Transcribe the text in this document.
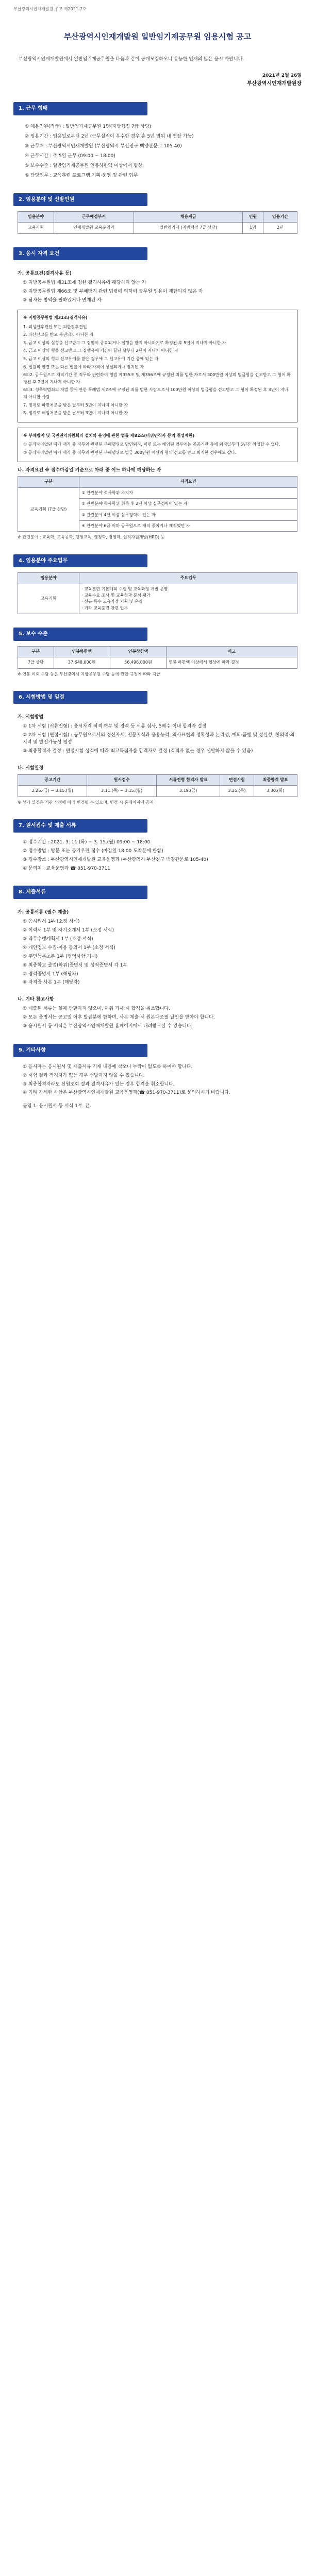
부산광역시인재개발원 공고 제2021-7호
부산광역시인재개발원 일반임기제공무원 임용시험 공고
부산광역시인재개발원에서 일반임기제공무원을 다음과 같이 공개모집하오니 유능한 인재의 많은 응시 바랍니다.
2021년 2월 26일
부산광역시인재개발원장
1. 근무 형태
① 채용인원(직급) : 일반임기제공무원 1명(지방행정 7급 상당)
② 임용기간 : 임용일로부터 2년 (근무실적이 우수한 경우 총 5년 범위 내 연장 가능)
③ 근무처 : 부산광역시인재개발원 (부산광역시 부산진구 백양관문로 105-40)
④ 근무시간 : 주 5일 근무 (09:00 ~ 18:00)
⑤ 보수수준 : 일반임기제공무원 연봉하한액 이상에서 협상
⑥ 담당업무 : 교육훈련 프로그램 기획·운영 및 관련 업무
2. 임용분야 및 선발인원
임용분야	근무예정부서	채용계급	인원	임용기간
교육기획	인재개발원 교육운영과	일반임기제 (지방행정 7급 상당)	1명	2년
3. 응시 자격 요건
가. 공통요건(결격사유 등)
① 지방공무원법 제31조에 정한 결격사유에 해당하지 않는 자
② 지방공무원법 제66조 및 부패방지 관련 법령에 의하여 공무원 임용이 제한되지 않은 자
③ 남자는 병역을 필하였거나 면제된 자
※ 지방공무원법 제31조(결격사유)

1. 피성년후견인 또는 피한정후견인

2. 파산선고를 받고 복권되지 아니한 자

3. 금고 이상의 실형을 선고받고 그 집행이 종료되거나 집행을 받지 아니하기로 확정된 후 5년이 지나지 아니한 자

4. 금고 이상의 형을 선고받고 그 집행유예 기간이 끝난 날부터 2년이 지나지 아니한 자

5. 금고 이상의 형의 선고유예를 받은 경우에 그 선고유예 기간 중에 있는 자

6. 법원의 판결 또는 다른 법률에 따라 자격이 상실되거나 정지된 자

6의2. 공무원으로 재직기간 중 직무와 관련하여 형법 제355조 및 제356조에 규정된 죄를 범한 자로서 300만원 이상의 벌금형을 선고받고 그 형이 확정된 후 2년이 지나지 아니한 자

6의3. 성폭력범죄의 처벌 등에 관한 특례법 제2조에 규정된 죄를 범한 사람으로서 100만원 이상의 벌금형을 선고받고 그 형이 확정된 후 3년이 지나지 아니한 사람

7. 징계로 파면처분을 받은 날부터 5년이 지나지 아니한 자

8. 징계로 해임처분을 받은 날부터 3년이 지나지 아니한 자

※ 부패방지 및 국민권익위원회의 설치와 운영에 관한 법률 제82조(비위면직자 등의 취업제한)

① 공직자이었던 자가 재직 중 직무와 관련된 부패행위로 당연퇴직, 파면 또는 해임된 경우에는 공공기관 등에 퇴직일부터 5년간 취업할 수 없다.

② 공직자이었던 자가 재직 중 직무와 관련된 부패행위로 벌금 300만원 이상의 형의 선고를 받고 퇴직한 경우에도 같다.

나. 자격요건 ※ 접수마감일 기준으로 아래 중 어느 하나에 해당하는 자
구분	자격요건
교육기획 (7급 상당)	① 관련분야 석사학위 소지자
	② 관련분야 학사학위 취득 후 2년 이상 실무경력이 있는 자
	③ 관련분야 4년 이상 실무경력이 있는 자
	④ 관련분야 6급 이하 공무원으로 재직 중이거나 재직했던 자
※ 관련분야 : 교육학, 교육공학, 평생교육, 행정학, 경영학, 인적자원개발(HRD) 등
4. 임용분야 주요업무
임용분야	주요업무
교육기획	· 교육훈련 기본계획 수립 및 교육과정 개발·운영
· 교육수요 조사 및 교육성과 분석·평가
· 신규·특수 교육과정 기획 및 운영
· 기타 교육훈련 관련 업무
5. 보수 수준
구분	연봉하한액	연봉상한액	비고
7급 상당	37,648,000원	56,496,000원	연봉 하한액 이상에서 협상에 따라 결정
※ 연봉 이외 수당 등은 부산광역시 지방공무원 수당 등에 관한 규정에 따라 지급
6. 시험방법 및 일정
가. 시험방법
① 1차 시험 (서류전형) : 응시자격 적격 여부 및 경력 등 서류 심사, 5배수 이내 합격자 결정
② 2차 시험 (면접시험) : 공무원으로서의 정신자세, 전문지식과 응용능력, 의사표현의 정확성과 논리성, 예의·품행 및 성실성, 창의력·의지력 및 발전가능성 평정
③ 최종합격자 결정 : 면접시험 성적에 따라 최고득점자를 합격자로 결정 (적격자 없는 경우 선발하지 않을 수 있음)
나. 시험일정
공고기간	원서접수	서류전형 합격자 발표	면접시험	최종합격 발표
2.26.(금) ~ 3.15.(월)	3.11.(목) ~ 3.15.(월)	3.19.(금)	3.25.(목)	3.30.(화)
※ 상기 일정은 기관 사정에 따라 변경될 수 있으며, 변경 시 홈페이지에 공지
7. 원서접수 및 제출 서류
① 접수기간 : 2021. 3. 11.(목) ~ 3. 15.(월) 09:00 ~ 18:00
② 접수방법 : 방문 또는 등기우편 접수 (마감일 18:00 도착분에 한함)
③ 접수장소 : 부산광역시인재개발원 교육운영과 (부산광역시 부산진구 백양관문로 105-40)
④ 문의처 : 교육운영과 ☎ 051-970-3711
8. 제출서류
가. 공통서류 (필수 제출)
① 응시원서 1부 (소정 서식)
② 이력서 1부 및 자기소개서 1부 (소정 서식)
③ 직무수행계획서 1부 (소정 서식)
④ 개인정보 수집·이용 동의서 1부 (소정 서식)
⑤ 주민등록초본 1부 (병역사항 기재)
⑥ 최종학교 졸업(학위)증명서 및 성적증명서 각 1부
⑦ 경력증명서 1부 (해당자)
⑧ 자격증 사본 1부 (해당자)
나. 기타 참고사항
① 제출된 서류는 일체 반환하지 않으며, 허위 기재 시 합격을 취소합니다.
② 모든 증명서는 공고일 이후 발급분에 한하며, 사본 제출 시 원본대조필 날인을 받아야 합니다.
③ 응시원서 등 서식은 부산광역시인재개발원 홈페이지에서 내려받으실 수 있습니다.
9. 기타사항
① 응시자는 응시원서 및 제출서류 기재 내용에 착오나 누락이 없도록 하여야 합니다.
② 시험 결과 적격자가 없는 경우 선발하지 않을 수 있습니다.
③ 최종합격자라도 신원조회 결과 결격사유가 있는 경우 합격을 취소합니다.
④ 기타 자세한 사항은 부산광역시인재개발원 교육운영과(☎ 051-970-3711)로 문의하시기 바랍니다.
붙임 1. 응시원서 등 서식 1부. 끝.
